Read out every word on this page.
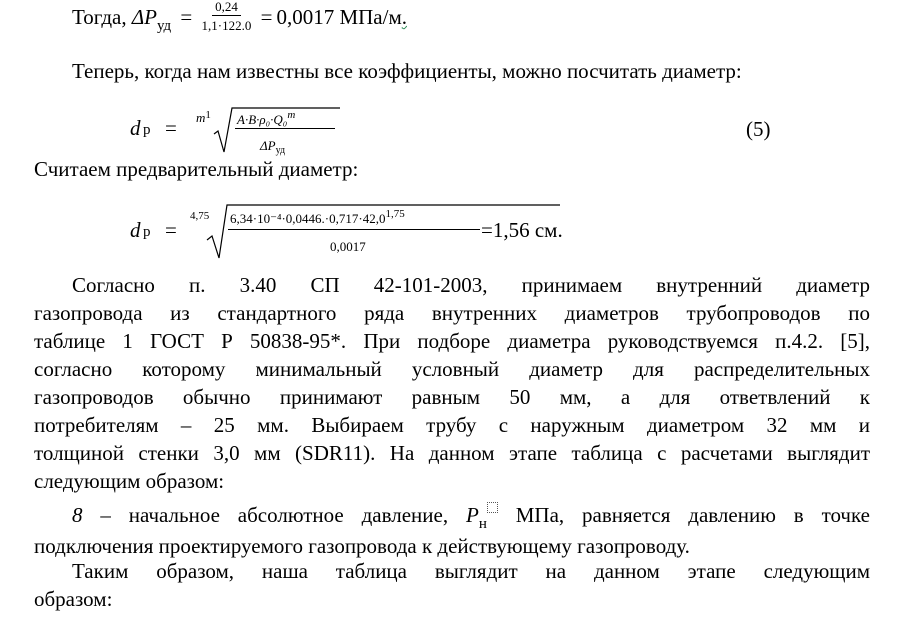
Тогда, $\Delta P_{уд} = \frac{0,24}{1,1\cdot 122.0} = 0,0017$ МПа/м.
Теперь, когда нам известны все коэффициенты, можно посчитать диаметр:
d $р = m^1$ A·B·ρ₀·Q₀$^m$
$\Delta P_{уд}$
(5)
Считаем предварительный диаметр:
d р =
4,75 $6,34\cdot 10^{-4}\cdot 0,0446.\cdot 0,717\cdot 42,0^{1,75}$
0,0017
=1,56 см.
Согласно п. 3.40 СП 42-101-2003, принимаем внутренний диаметр
газопровода из стандартного ряда внутренних диаметров трубопроводов по
таблице 1 ГОСТ Р 50838-95*. При подборе диаметра руководствуемся п.4.2. [5],
согласно которому минимальный условный диаметр для распределительных
газопроводов обычно принимают равным 50 мм, а для ответвлений к
потребителям – 25 мм. Выбираем трубу с наружным диаметром 32 мм и
толщиной стенки 3,0 мм (SDR11). На данном этапе таблица с расчетами выглядит
следующим образом:
8 – начальное абсолютное давление, $P_н$ МПа, равняется давлению в точке
подключения проектируемого газопровода к действующему газопроводу.
Таким образом, наша таблица выглядит на данном этапе следующим
образом:
